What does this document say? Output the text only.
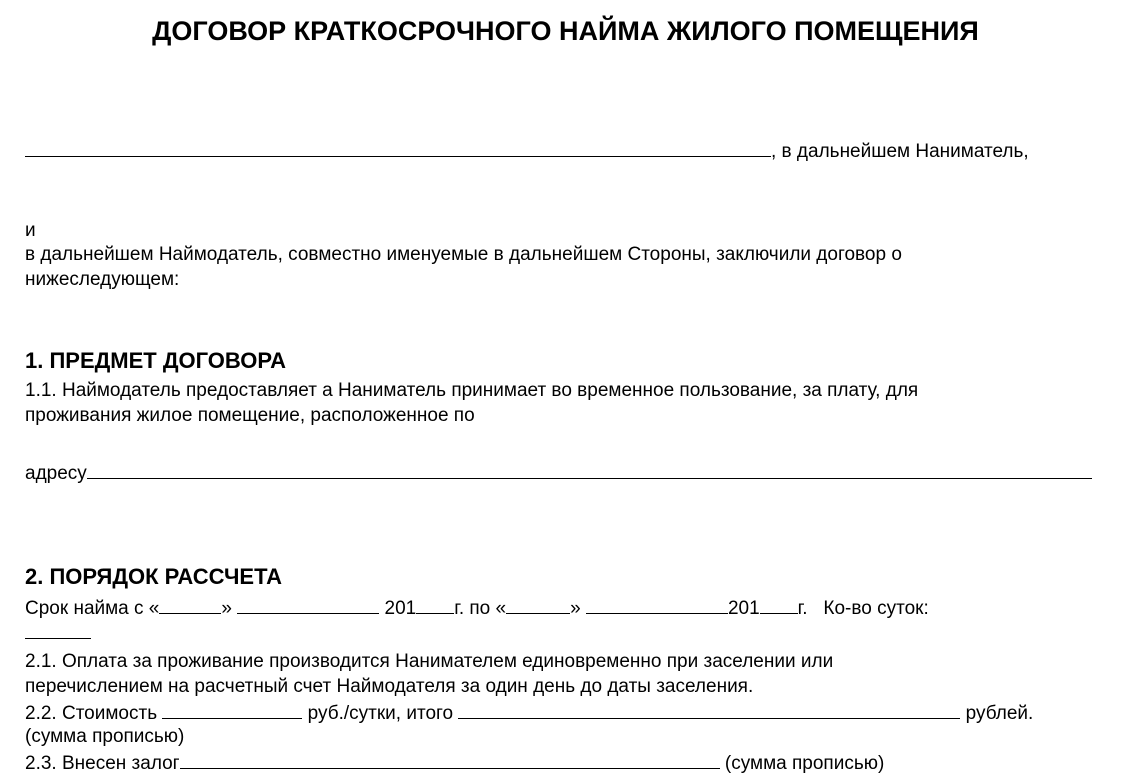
ДОГОВОР КРАТКОСРОЧНОГО НАЙМА ЖИЛОГО ПОМЕЩЕНИЯ
, в дальнейшем Наниматель,
и
в дальнейшем Наймодатель, совместно именуемые в дальнейшем Стороны, заключили договор о
нижеследующем:
1. ПРЕДМЕТ ДОГОВОРА
1.1. Наймодатель предоставляет а Наниматель принимает во временное пользование, за плату, для
проживания жилое помещение, расположенное по
адресу
2. ПОРЯДОК РАССЧЕТА
Срок найма с «	»	201 г. по «	»	201 г. Ко-во суток:
2.1. Оплата за проживание производится Нанимателем единовременно при заселении или
перечислением на расчетный счет Наймодателя за один день до даты заселения.
2.2. Стоимость	руб./сутки, итого	рублей.
(сумма прописью)
2.3. Внесен залог	(сумма прописью)
